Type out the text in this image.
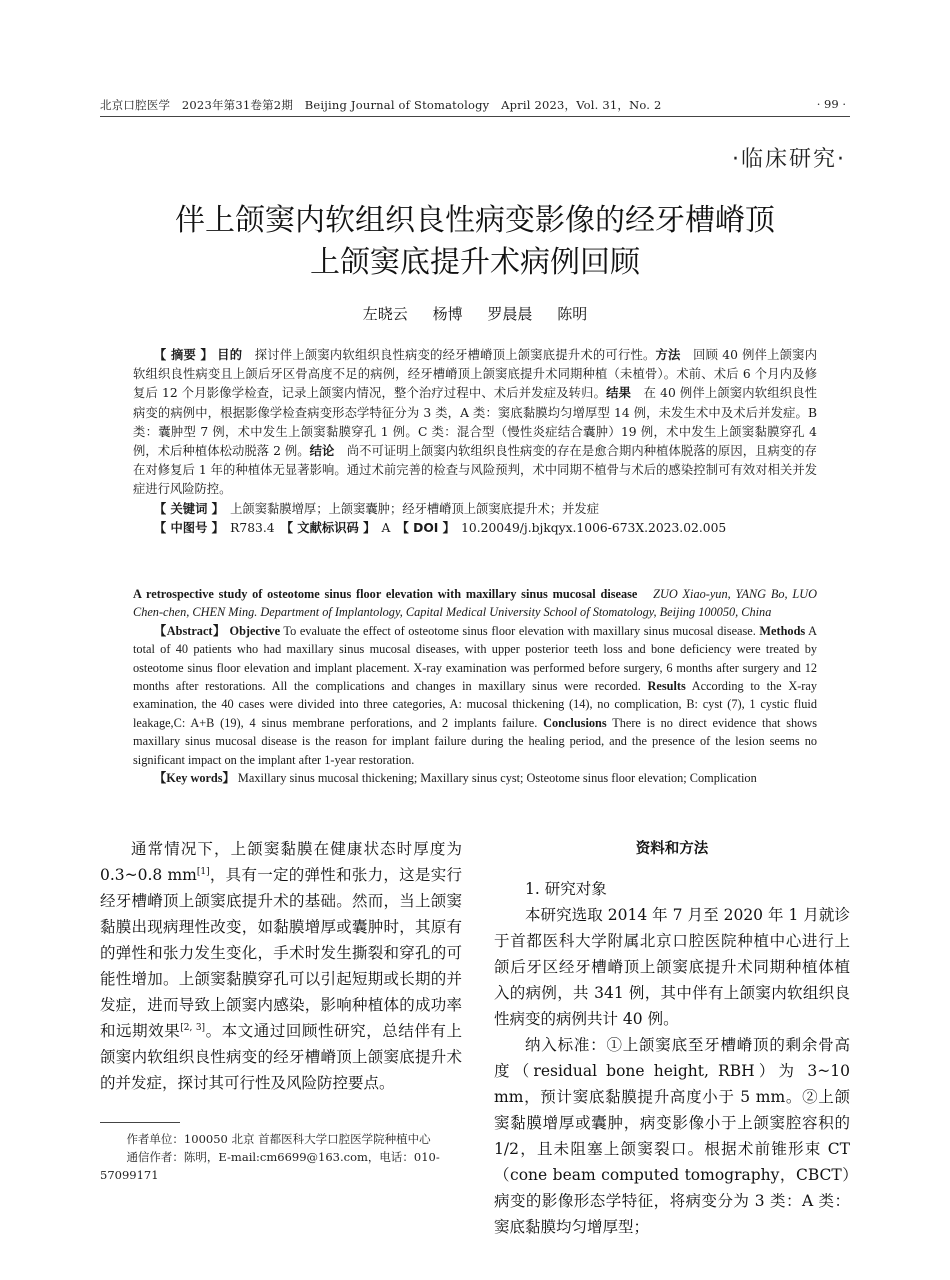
北京口腔医学　2023年第31卷第2期　Beijing Journal of Stomatology　April 2023，Vol. 31，No. 2	· 99 ·
·临床研究·
伴上颌窦内软组织良性病变影像的经牙槽嵴顶
上颌窦底提升术病例回顾
左晓云 杨博 罗晨晨 陈明

【 摘要 】 目的　探讨伴上颌窦内软组织良性病变的经牙槽嵴顶上颌窦底提升术的可行性。方法　回顾 40 例伴上颌窦内软组织良性病变且上颌后牙区骨高度不足的病例，经牙槽嵴顶上颌窦底提升术同期种植（未植骨）。术前、术后 6 个月内及修复后 12 个月影像学检查，记录上颌窦内情况，整个治疗过程中、术后并发症及转归。结果　在 40 例伴上颌窦内软组织良性病变的病例中，根据影像学检查病变形态学特征分为 3 类，A 类：窦底黏膜均匀增厚型 14 例，未发生术中及术后并发症。B 类：囊肿型 7 例，术中发生上颌窦黏膜穿孔 1 例。C 类：混合型（慢性炎症结合囊肿）19 例，术中发生上颌窦黏膜穿孔 4 例，术后种植体松动脱落 2 例。结论　尚不可证明上颌窦内软组织良性病变的存在是愈合期内种植体脱落的原因，且病变的存在对修复后 1 年的种植体无显著影响。通过术前完善的检查与风险预判，术中同期不植骨与术后的感染控制可有效对相关并发症进行风险防控。

【 关键词 】　上颌窦黏膜增厚；上颌窦囊肿；经牙槽嵴顶上颌窦底提升术；并发症

【 中图号 】　R783.4　【 文献标识码 】　A　【 DOI 】　10.20049/j.bjkqyx.1006-673X.2023.02.005

A retrospective study of osteotome sinus floor elevation with maxillary sinus mucosal disease　ZUO Xiao-yun, YANG Bo, LUO Chen-chen, CHEN Ming. Department of Implantology, Capital Medical University School of Stomatology, Beijing 100050, China

【Abstract】 Objective To evaluate the effect of osteotome sinus floor elevation with maxillary sinus mucosal disease. Methods A total of 40 patients who had maxillary sinus mucosal diseases, with upper posterior teeth loss and bone deficiency were treated by osteotome sinus floor elevation and implant placement. X-ray examination was performed before surgery, 6 months after surgery and 12 months after restorations. All the complications and changes in maxillary sinus were recorded. Results According to the X-ray examination, the 40 cases were divided into three categories, A: mucosal thickening (14), no complication, B: cyst (7), 1 cystic fluid leakage,C: A+B (19), 4 sinus membrane perforations, and 2 implants failure. Conclusions There is no direct evidence that shows maxillary sinus mucosal disease is the reason for implant failure during the healing period, and the presence of the lesion seems no significant impact on the implant after 1-year restoration.

【Key words】 Maxillary sinus mucosal thickening; Maxillary sinus cyst; Osteotome sinus floor elevation; Complication

通常情况下，上颌窦黏膜在健康状态时厚度为 0.3~0.8 mm[1]，具有一定的弹性和张力，这是实行经牙槽嵴顶上颌窦底提升术的基础。然而，当上颌窦黏膜出现病理性改变，如黏膜增厚或囊肿时，其原有的弹性和张力发生变化，手术时发生撕裂和穿孔的可能性增加。上颌窦黏膜穿孔可以引起短期或长期的并发症，进而导致上颌窦内感染，影响种植体的成功率和远期效果[2, 3]。本文通过回顾性研究，总结伴有上颌窦内软组织良性病变的经牙槽嵴顶上颌窦底提升术的并发症，探讨其可行性及风险防控要点。

作者单位：100050 北京 首都医科大学口腔医学院种植中心

通信作者：陈明，E-mail:cm6699@163.com，电话：010-57099171

资料和方法

1. 研究对象

本研究选取 2014 年 7 月至 2020 年 1 月就诊于首都医科大学附属北京口腔医院种植中心进行上颌后牙区经牙槽嵴顶上颌窦底提升术同期种植体植入的病例，共 341 例，其中伴有上颌窦内软组织良性病变的病例共计 40 例。

纳入标准：①上颌窦底至牙槽嵴顶的剩余骨高度（residual bone height, RBH）为 3~10 mm，预计窦底黏膜提升高度小于 5 mm。②上颌窦黏膜增厚或囊肿，病变影像小于上颌窦腔容积的 1/2，且未阻塞上颌窦裂口。根据术前锥形束 CT（cone beam computed tomography，CBCT）病变的影像形态学特征，将病变分为 3 类：A 类：窦底黏膜均匀增厚型；
